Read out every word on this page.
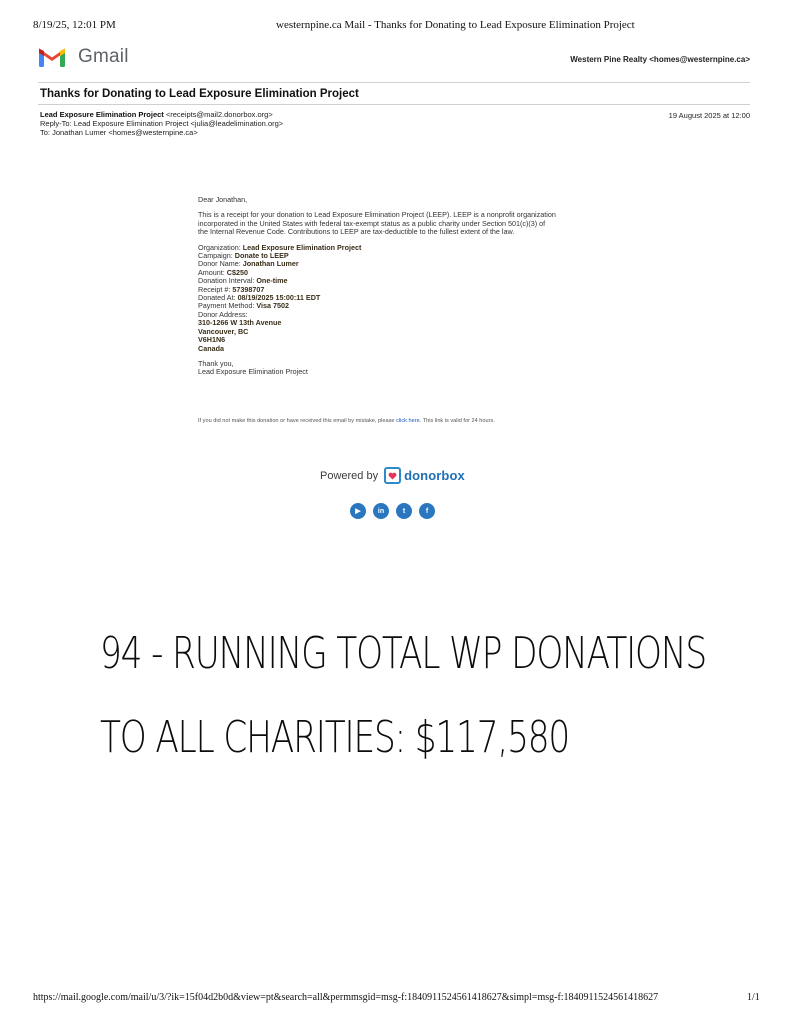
8/19/25, 12:01 PM	westernpine.ca Mail - Thanks for Donating to Lead Exposure Elimination Project
Gmail	Western Pine Realty <homes@westernpine.ca>
Thanks for Donating to Lead Exposure Elimination Project
Lead Exposure Elimination Project <receipts@mail2.donorbox.org>
Reply-To: Lead Exposure Elimination Project <julia@leadelimination.org>
To: Jonathan Lumer <homes@westernpine.ca>
19 August 2025 at 12:00

Dear Jonathan,

This is a receipt for your donation to Lead Exposure Elimination Project (LEEP). LEEP is a nonprofit organization

incorporated in the United States with federal tax-exempt status as a public charity under Section 501(c)(3) of

the Internal Revenue Code. Contributions to LEEP are tax-deductible to the fullest extent of the law.

Organization: Lead Exposure Elimination Project

Campaign: Donate to LEEP

Donor Name: Jonathan Lumer

Amount: C$250

Donation Interval: One-time

Receipt #: 57398707

Donated At: 08/19/2025 15:00:11 EDT

Payment Method: Visa 7502

Donor Address:

310-1266 W 13th Avenue

Vancouver, BC

V6H1N6

Canada

Thank you,

Lead Exposure Elimination Project

If you did not make this donation or have received this email by mistake, please click here. This link is valid for 24 hours.
Powered by donorbox
▶	in	t	f
94 - RUNNING TOTAL WP DONATIONS
TO ALL CHARITIES: $117,580
https://mail.google.com/mail/u/3/?ik=15f04d2b0d&view=pt&search=all&permmsgid=msg-f:1840911524561418627&simpl=msg-f:1840911524561418627	1/1
